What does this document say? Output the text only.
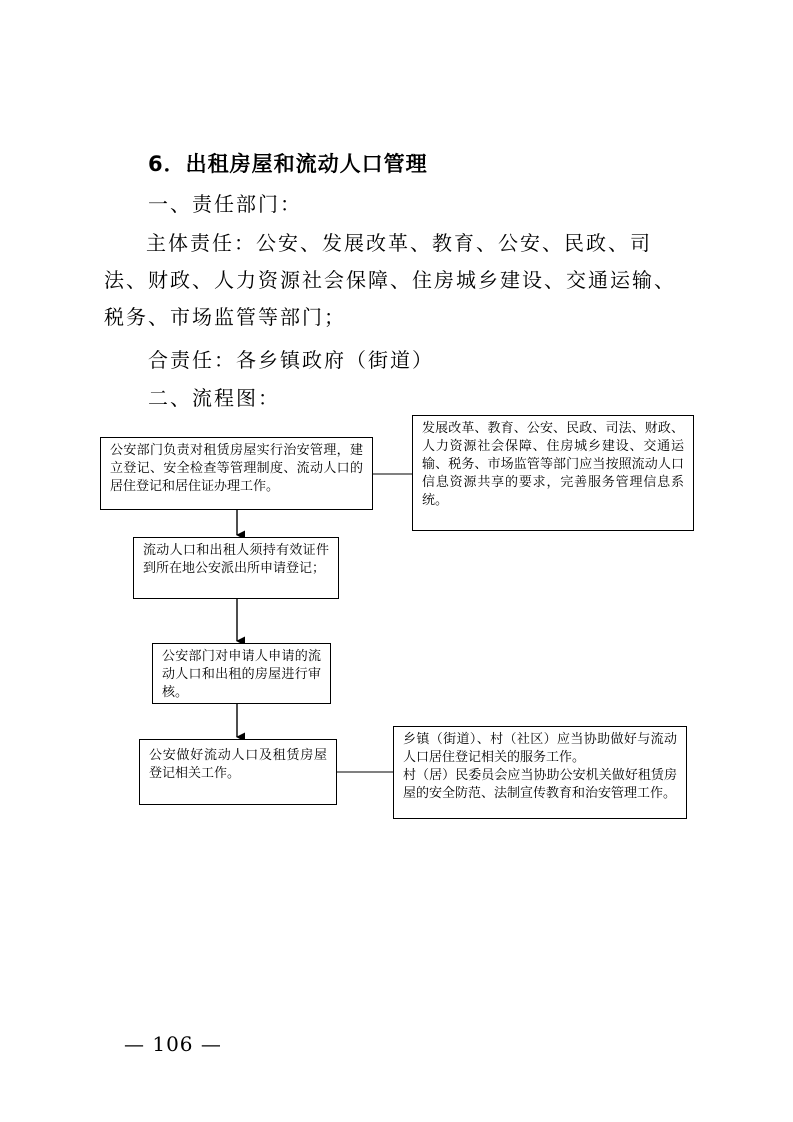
6．出租房屋和流动人口管理
一、责任部门：
主体责任：公安、发展改革、教育、公安、民政、司法、财政、人力资源社会保障、住房城乡建设、交通运输、税务、市场监管等部门；
合责任：各乡镇政府（街道）
二、流程图：
公安部门负责对租赁房屋实行治安管理，建立登记、安全检查等管理制度、流动人口的居住登记和居住证办理工作。
发展改革、教育、公安、民政、司法、财政、人力资源社会保障、住房城乡建设、交通运输、税务、市场监管等部门应当按照流动人口信息资源共享的要求，完善服务管理信息系统。
流动人口和出租人须持有效证件到所在地公安派出所申请登记；
公安部门对申请人申请的流动人口和出租的房屋进行审核。
公安做好流动人口及租赁房屋登记相关工作。
乡镇（街道）、村（社区）应当协助做好与流动人口居住登记相关的服务工作。
村（居）民委员会应当协助公安机关做好租赁房屋的安全防范、法制宣传教育和治安管理工作。
— 106 —
